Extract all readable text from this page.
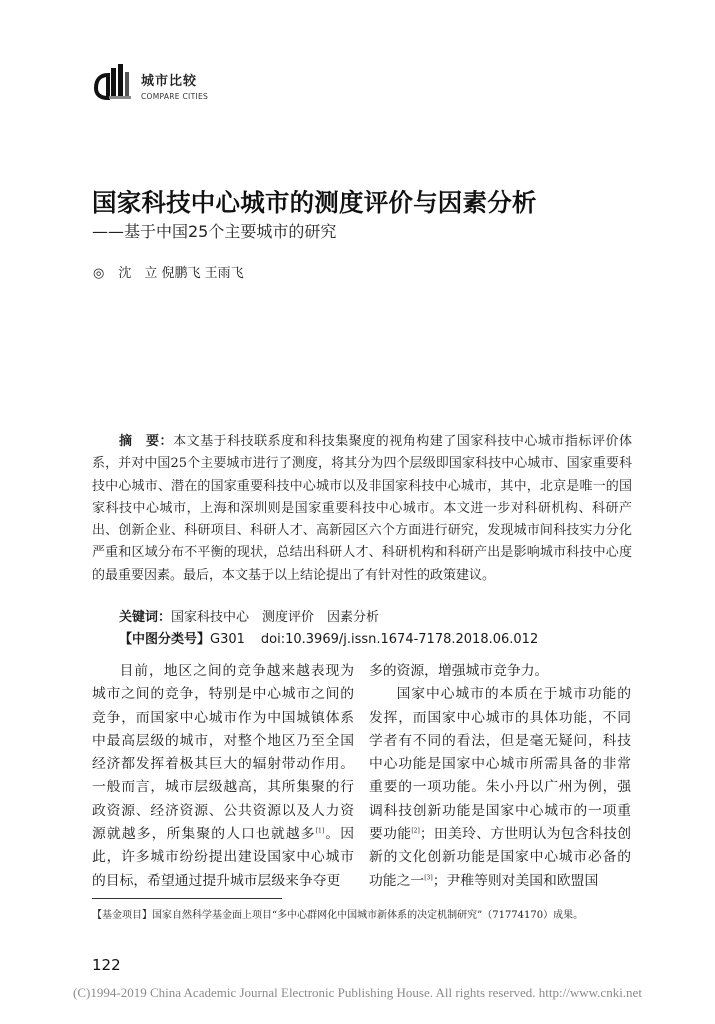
城市比较
COMPARE CITIES
国家科技中心城市的测度评价与因素分析
——基于中国25个主要城市的研究
◎ 沈　立 倪鹏飞 王雨飞
摘　要：本文基于科技联系度和科技集聚度的视角构建了国家科技中心城市指标评价体系，并对中国25个主要城市进行了测度，将其分为四个层级即国家科技中心城市、国家重要科技中心城市、潜在的国家重要科技中心城市以及非国家科技中心城市，其中，北京是唯一的国家科技中心城市，上海和深圳则是国家重要科技中心城市。本文进一步对科研机构、科研产出、创新企业、科研项目、科研人才、高新园区六个方面进行研究，发现城市间科技实力分化严重和区域分布不平衡的现状，总结出科研人才、科研机构和科研产出是影响城市科技中心度的最重要因素。最后，本文基于以上结论提出了有针对性的政策建议。
关键词：国家科技中心　测度评价　因素分析
【中图分类号】G301 doi:10.3969/j.issn.1674-7178.2018.06.012

目前，地区之间的竞争越来越表现为城市之间的竞争，特别是中心城市之间的竞争，而国家中心城市作为中国城镇体系中最高层级的城市，对整个地区乃至全国经济都发挥着极其巨大的辐射带动作用。一般而言，城市层级越高，其所集聚的行政资源、经济资源、公共资源以及人力资源就越多，所集聚的人口也就越多[1]。因此，许多城市纷纷提出建设国家中心城市的目标，希望通过提升城市层级来争夺更

多的资源，增强城市竞争力。

国家中心城市的本质在于城市功能的发挥，而国家中心城市的具体功能，不同学者有不同的看法，但是毫无疑问，科技中心功能是国家中心城市所需具备的非常重要的一项功能。朱小丹以广州为例，强调科技创新功能是国家中心城市的一项重要功能[2]；田美玲、方世明认为包含科技创新的文化创新功能是国家中心城市必备的功能之一[3]；尹稚等则对美国和欧盟国

【基金项目】国家自然科学基金面上项目“多中心群网化中国城市新体系的决定机制研究”（71774170）成果。
122
(C)1994-2019 China Academic Journal Electronic Publishing House. All rights reserved. http://www.cnki.net
